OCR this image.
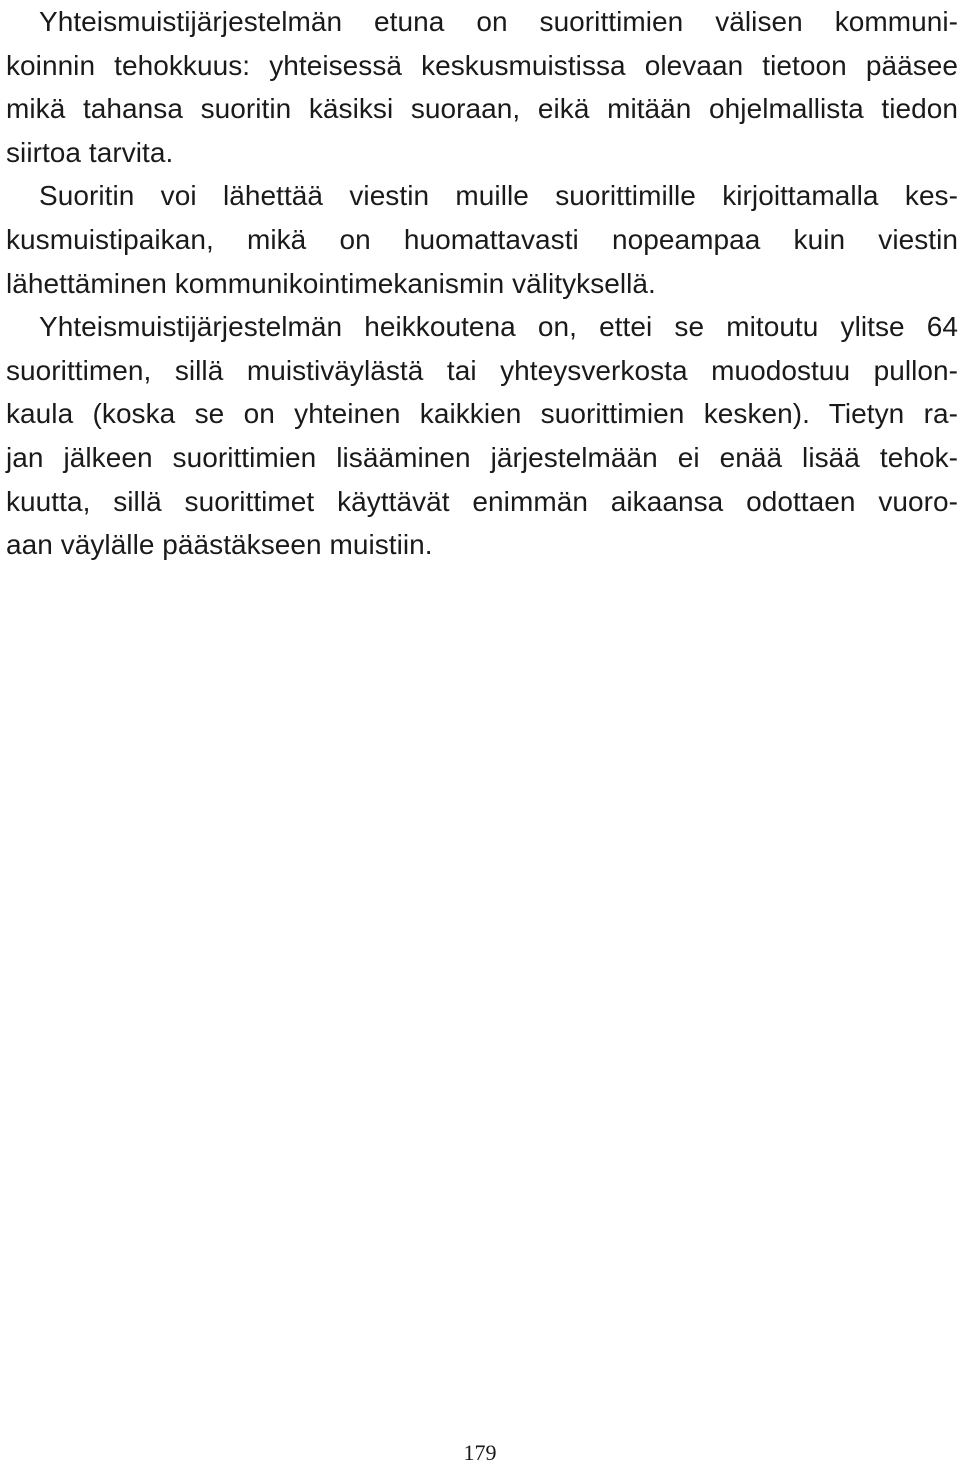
Yhteismuistijärjestelmän etuna on suorittimien välisen kommuni-
koinnin tehokkuus: yhteisessä keskusmuistissa olevaan tietoon pääsee
mikä tahansa suoritin käsiksi suoraan, eikä mitään ohjelmallista tiedon
siirtoa tarvita.
Suoritin voi lähettää viestin muille suorittimille kirjoittamalla kes-
kusmuistipaikan, mikä on huomattavasti nopeampaa kuin viestin
lähettäminen kommunikointimekanismin välityksellä.
Yhteismuistijärjestelmän heikkoutena on, ettei se mitoutu ylitse 64
suorittimen, sillä muistiväylästä tai yhteysverkosta muodostuu pullon-
kaula (koska se on yhteinen kaikkien suorittimien kesken). Tietyn ra-
jan jälkeen suorittimien lisääminen järjestelmään ei enää lisää tehok-
kuutta, sillä suorittimet käyttävät enimmän aikaansa odottaen vuoro-
aan väylälle päästäkseen muistiin.
179
